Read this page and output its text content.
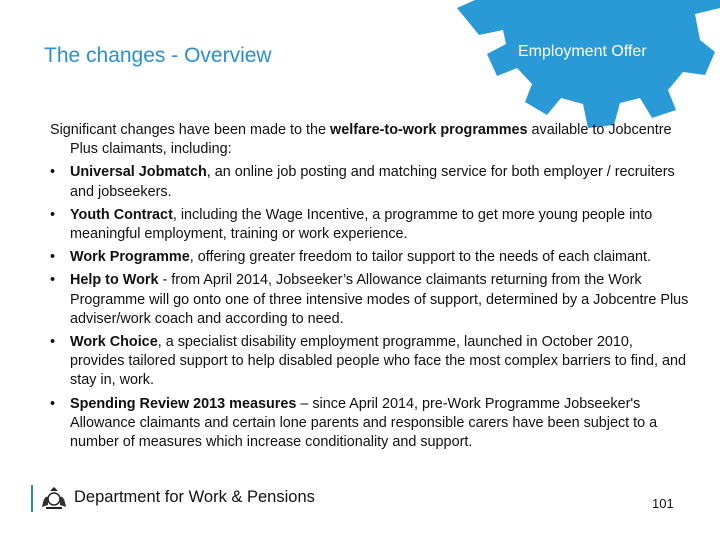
The changes - Overview	Employment Offer
Significant changes have been made to the welfare-to-work programmes available to Jobcentre Plus claimants, including:
• Universal Jobmatch, an online job posting and matching service for both employer / recruiters and jobseekers.
• Youth Contract, including the Wage Incentive, a programme to get more young people into meaningful employment, training or work experience.
• Work Programme, offering greater freedom to tailor support to the needs of each claimant.
• Help to Work - from April 2014, Jobseeker’s Allowance claimants returning from the Work Programme will go onto one of three intensive modes of support, determined by a Jobcentre Plus adviser/work coach and according to need.
• Work Choice, a specialist disability employment programme, launched in October 2010, provides tailored support to help disabled people who face the most complex barriers to find, and stay in, work.
• Spending Review 2013 measures – since April 2014, pre-Work Programme Jobseeker's Allowance claimants and certain lone parents and responsible carers have been subject to a number of measures which increase conditionality and support.
Department for Work & Pensions	101
